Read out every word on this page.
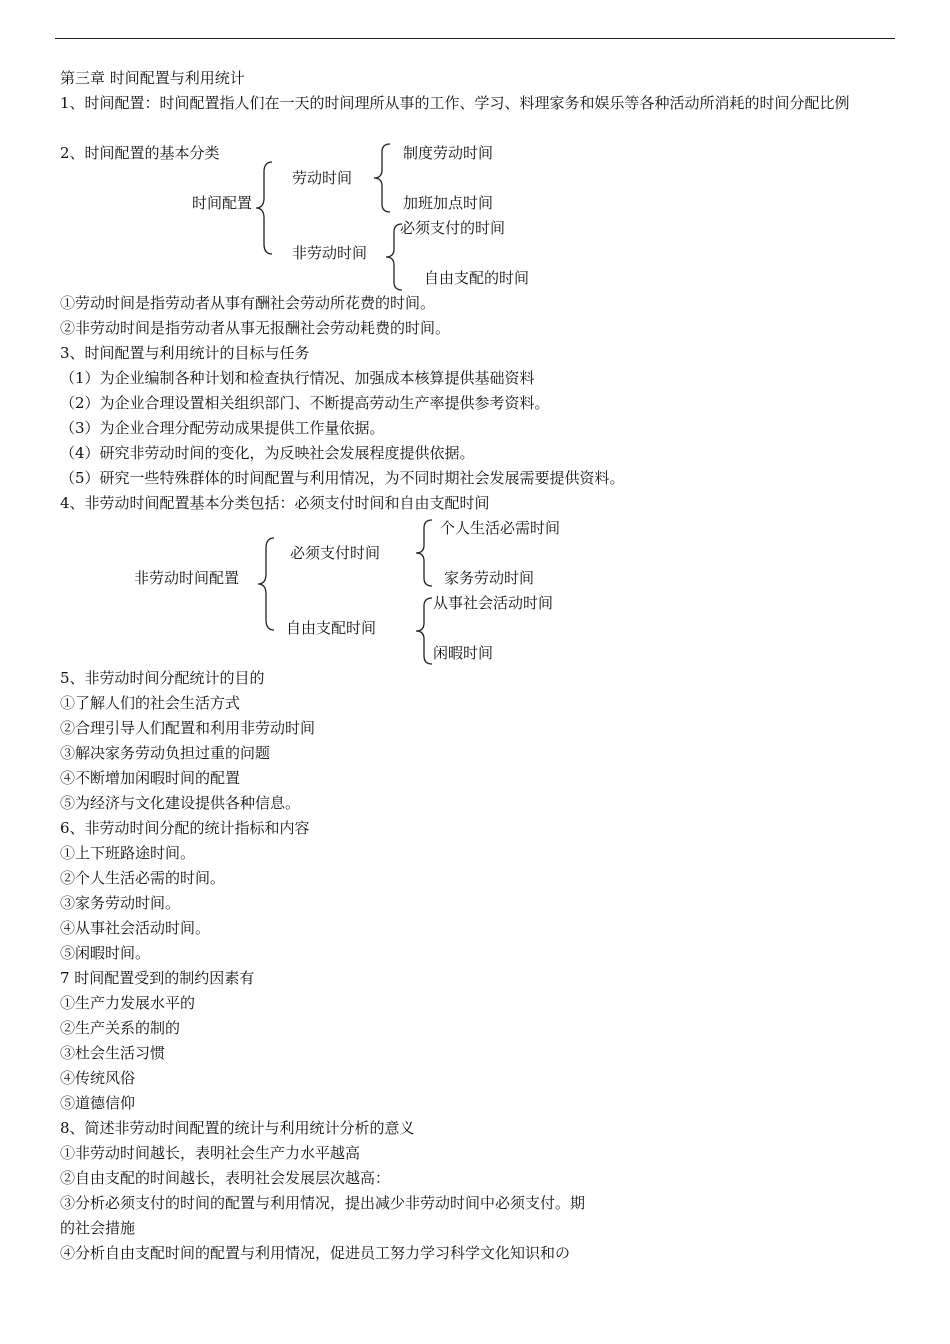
第三章 时间配置与利用统计
1、时间配置：时间配置指人们在一天的时间理所从事的工作、学习、料理家务和娱乐等各种活动所消耗的时间分配比例
2、时间配置的基本分类
时间配置
劳动时间
制度劳动时间
加班加点时间
非劳动时间
必须支付的时间
自由支配的时间
①劳动时间是指劳动者从事有酬社会劳动所花费的时间。
②非劳动时间是指劳动者从事无报酬社会劳动耗费的时间。
3、时间配置与利用统计的目标与任务
（1）为企业编制各种计划和检查执行情况、加强成本核算提供基础资料
（2）为企业合理设置相关组织部门、不断提高劳动生产率提供参考资料。
（3）为企业合理分配劳动成果提供工作量依据。
（4）研究非劳动时间的变化，为反映社会发展程度提供依据。
（5）研究一些特殊群体的时间配置与利用情况，为不同时期社会发展需要提供资料。
4、非劳动时间配置基本分类包括：必须支付时间和自由支配时间
非劳动时间配置
必须支付时间
个人生活必需时间
家务劳动时间
自由支配时间
从事社会活动时间
闲暇时间
5、非劳动时间分配统计的目的
①了解人们的社会生活方式
②合理引导人们配置和利用非劳动时间
③解决家务劳动负担过重的问题
④不断增加闲暇时间的配置
⑤为经济与文化建设提供各种信息。
6、非劳动时间分配的统计指标和内容
①上下班路途时间。
②个人生活必需的时间。
③家务劳动时间。
④从事社会活动时间。
⑤闲暇时间。
7 时间配置受到的制约因素有
①生产力发展水平的
②生产关系的制的
③杜会生活习惯
④传统风俗
⑤道德信仰
8、简述非劳动时间配置的统计与利用统计分析的意义
①非劳动时间越长，表明社会生产力水平越高
②自由支配的时间越长，表明社会发展层次越高：
③分析必须支付的时间的配置与利用情况，提出减少非劳动时间中必须支付。期
的社会措施
④分析自由支配时间的配置与利用情况，促进员工努力学习科学文化知识和の
